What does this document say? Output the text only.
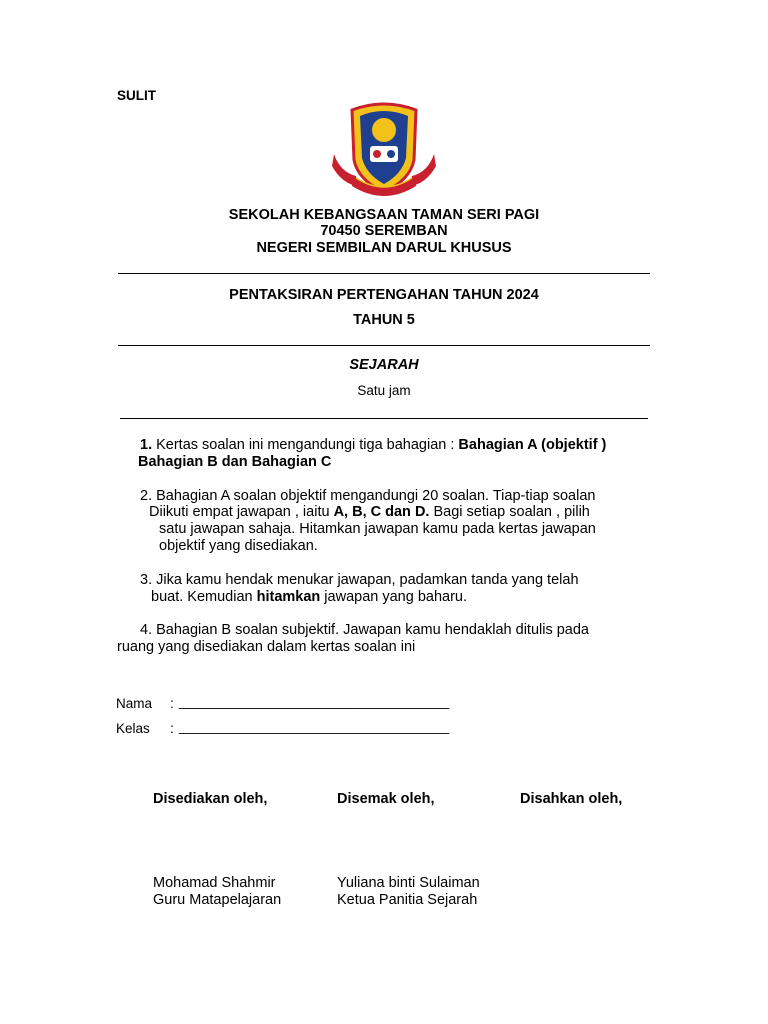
SULIT
SEKOLAH KEBANGSAAN TAMAN SERI PAGI
70450 SEREMBAN
NEGERI SEMBILAN DARUL KHUSUS
PENTAKSIRAN PERTENGAHAN TAHUN 2024
TAHUN 5
SEJARAH
Satu jam
1. Kertas soalan ini mengandungi tiga bahagian : Bahagian A (objektif )
Bahagian B dan Bahagian C
2. Bahagian A soalan objektif mengandungi 20 soalan. Tiap-tiap soalan
Diikuti empat jawapan , iaitu A, B, C dan D. Bagi setiap soalan , pilih
satu jawapan sahaja. Hitamkan jawapan kamu pada kertas jawapan
objektif yang disediakan.
3. Jika kamu hendak menukar jawapan, padamkan tanda yang telah
buat. Kemudian hitamkan jawapan yang baharu.
4. Bahagian B soalan subjektif. Jawapan kamu hendaklah ditulis pada
ruang yang disediakan dalam kertas soalan ini
Nama : ____________________________________
Kelas : ____________________________________
Disediakan oleh,	Disemak oleh,	Disahkan oleh,
Mohamad Shahmir
Guru Matapelajaran
Yuliana binti Sulaiman
Ketua Panitia Sejarah
